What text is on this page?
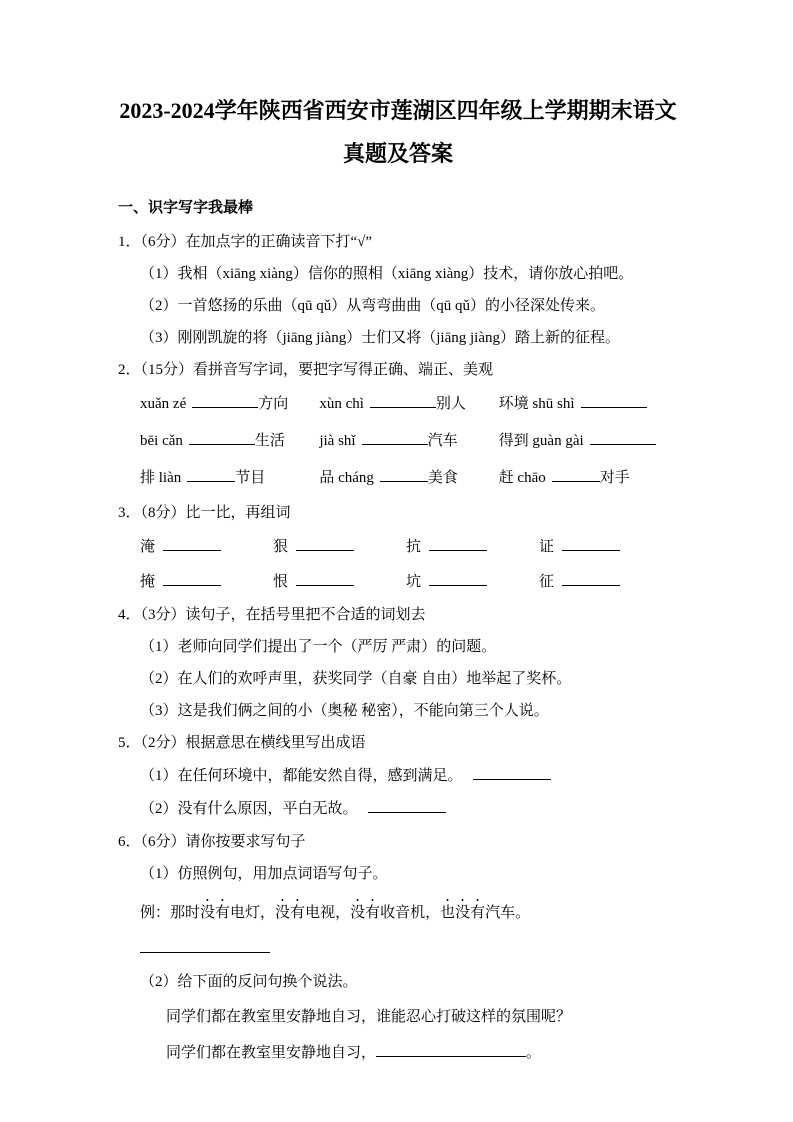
2023-2024学年陕西省西安市莲湖区四年级上学期期末语文
真题及答案
一、识字写字我最棒
1．（6分）在加点字的正确读音下打“√”
（1）我相（xiāng xiàng）信你的照相（xiāng xiàng）技术，请你放心拍吧。
（2）一首悠扬的乐曲（qū qǔ）从弯弯曲曲（qū qǔ）的小径深处传来。
（3）刚刚凯旋的将（jiāng jiàng）士们又将（jiāng jiàng）踏上新的征程。
2．（15分）看拼音写字词，要把字写得正确、端正、美观
xuǎn zé	方向	xùn chì	别人	环境 shū shì
bēi cǎn	生活	jià shǐ	汽车	得到 guàn gài
排 liàn	节目	品 cháng	美食	赶 chāo	对手
3．（8分）比一比，再组词
淹	狠	抗	证
掩	恨	坑	征
4．（3分）读句子，在括号里把不合适的词划去
（1）老师向同学们提出了一个（严厉 严肃）的问题。
（2）在人们的欢呼声里，获奖同学（自豪 自由）地举起了奖杯。
（3）这是我们俩之间的小（奥秘 秘密），不能向第三个人说。
5．（2分）根据意思在横线里写出成语
（1）在任何环境中，都能安然自得，感到满足。
（2）没有什么原因，平白无故。
6．（6分）请你按要求写句子
（1）仿照例句，用加点词语写句子。
例：那时没有电灯，没有电视，没有收音机，也没有汽车。
（2）给下面的反问句换个说法。
同学们都在教室里安静地自习，谁能忍心打破这样的氛围呢？
同学们都在教室里安静地自习，	。
